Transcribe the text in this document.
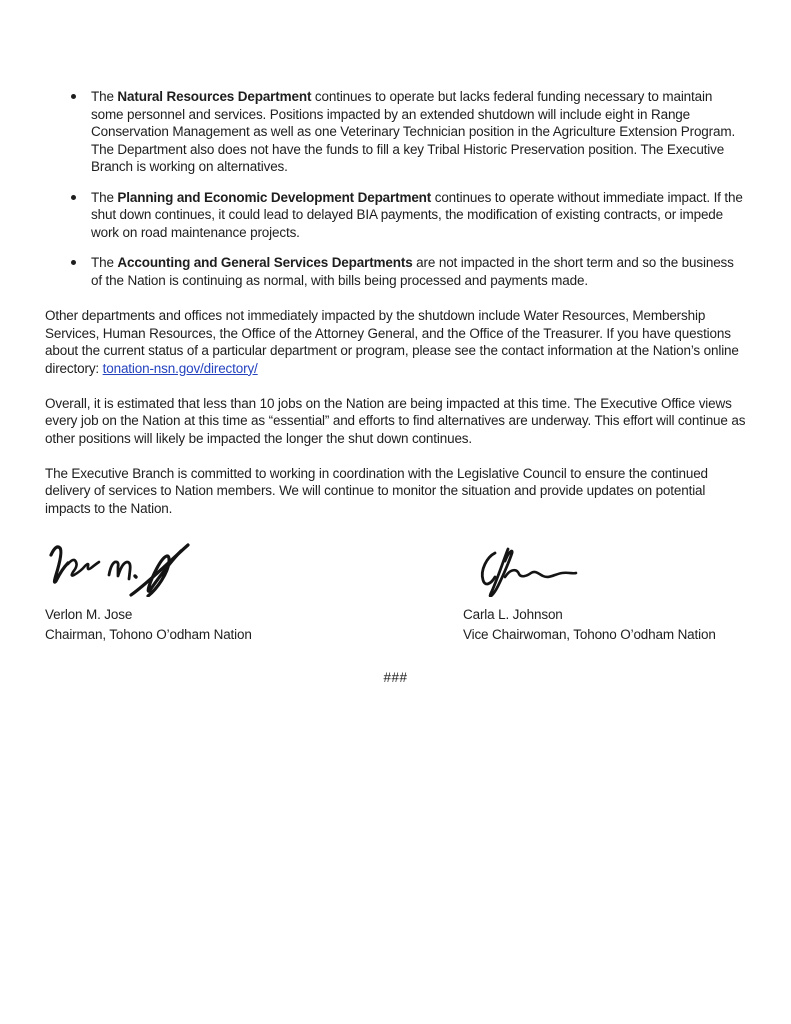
The Natural Resources Department continues to operate but lacks federal funding necessary to maintain some personnel and services. Positions impacted by an extended shutdown will include eight in Range Conservation Management as well as one Veterinary Technician position in the Agriculture Extension Program. The Department also does not have the funds to fill a key Tribal Historic Preservation position. The Executive Branch is working on alternatives.
The Planning and Economic Development Department continues to operate without immediate impact. If the shut down continues, it could lead to delayed BIA payments, the modification of existing contracts, or impede work on road maintenance projects.
The Accounting and General Services Departments are not impacted in the short term and so the business of the Nation is continuing as normal, with bills being processed and payments made.

Other departments and offices not immediately impacted by the shutdown include Water Resources, Membership Services, Human Resources, the Office of the Attorney General, and the Office of the Treasurer. If you have questions about the current status of a particular department or program, please see the contact information at the Nation’s online directory: tonation-nsn.gov/directory/

Overall, it is estimated that less than 10 jobs on the Nation are being impacted at this time. The Executive Office views every job on the Nation at this time as “essential” and efforts to find alternatives are underway. This effort will continue as other positions will likely be impacted the longer the shut down continues.

The Executive Branch is committed to working in coordination with the Legislative Council to ensure the continued delivery of services to Nation members. We will continue to monitor the situation and provide updates on potential impacts to the Nation.

Verlon M. Jose
Chairman, Tohono O’odham Nation
Carla L. Johnson
Vice Chairwoman, Tohono O’odham Nation
###
